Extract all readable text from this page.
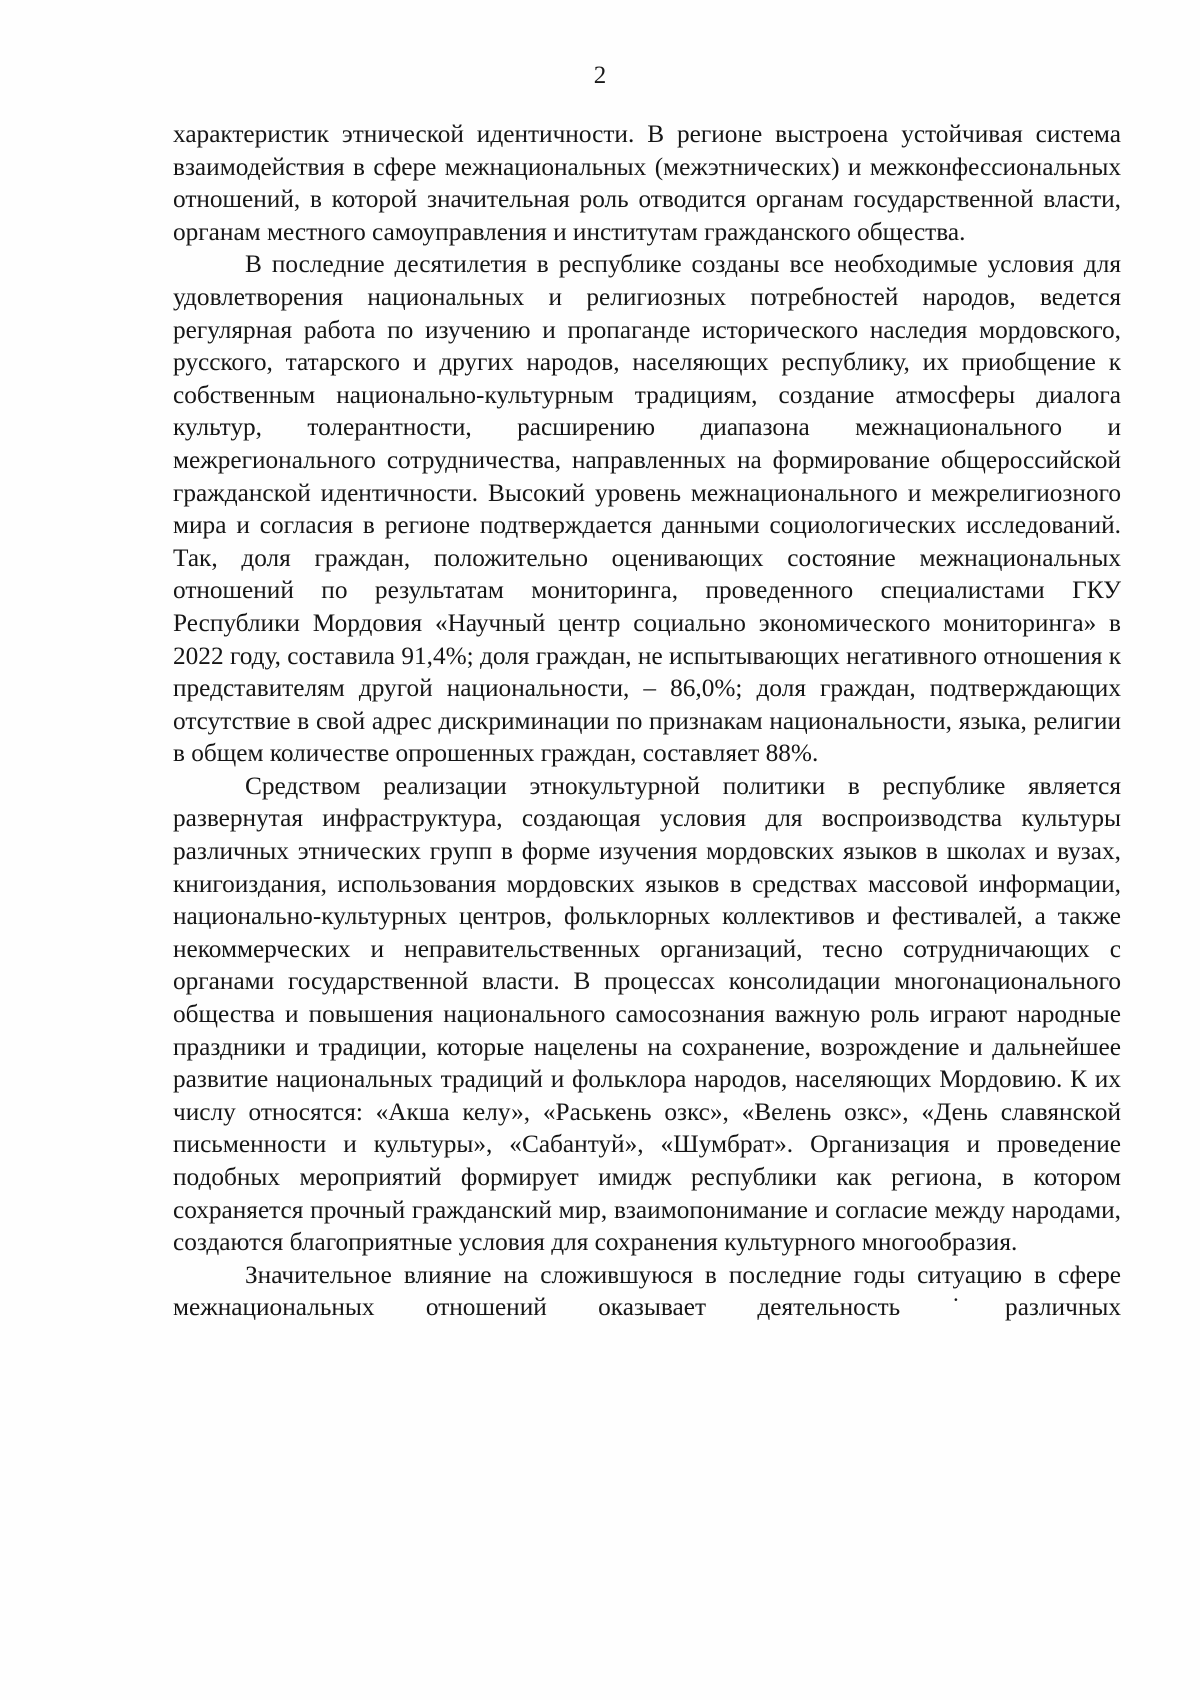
2

характеристик этнической идентичности. В регионе выстроена устойчивая система взаимодействия в сфере межнациональных (межэтнических) и межконфессиональных отношений, в которой значительная роль отводится органам государственной власти, органам местного самоуправления и институтам гражданского общества.

В последние десятилетия в республике созданы все необходимые условия для удовлетворения национальных и религиозных потребностей народов, ведется регулярная работа по изучению и пропаганде исторического наследия мордовского, русского, татарского и других народов, населяющих республику, их приобщение к собственным национально-культурным традициям, создание атмосферы диалога культур, толерантности, расширению диапазона межнационального и межрегионального сотрудничества, направленных на формирование общероссийской гражданской идентичности. Высокий уровень межнационального и межрелигиозного мира и согласия в регионе подтверждается данными социологических исследований. Так, доля граждан, положительно оценивающих состояние межнациональных отношений по результатам мониторинга, проведенного специалистами ГКУ Республики Мордовия «Научный центр социально экономического мониторинга» в 2022 году, составила 91,4%; доля граждан, не испытывающих негативного отношения к представителям другой национальности, – 86,0%; доля граждан, подтверждающих отсутствие в свой адрес дискриминации по признакам национальности, языка, религии в общем количестве опрошенных граждан, составляет 88%.

Средством реализации этнокультурной политики в республике является развернутая инфраструктура, создающая условия для воспроизводства культуры различных этнических групп в форме изучения мордовских языков в школах и вузах, книгоиздания, использования мордовских языков в средствах массовой информации, национально-культурных центров, фольклорных коллективов и фестивалей, а также некоммерческих и неправительственных организаций, тесно сотрудничающих с органами государственной власти. В процессах консолидации многонационального общества и повышения национального самосознания важную роль играют народные праздники и традиции, которые нацелены на сохранение, возрождение и дальнейшее развитие национальных традиций и фольклора народов, населяющих Мордовию. К их числу относятся: «Акша келу», «Раськень озкс», «Велень озкс», «День славянской письменности и культуры», «Сабантуй», «Шумбрат». Организация и проведение подобных мероприятий формирует имидж республики как региона, в котором сохраняется прочный гражданский мир, взаимопонимание и согласие между народами, создаются благоприятные условия для сохранения культурного многообразия.

Значительное влияние на сложившуюся в последние годы ситуацию в сфере межнациональных отношений оказывает деятельность ˙различных
